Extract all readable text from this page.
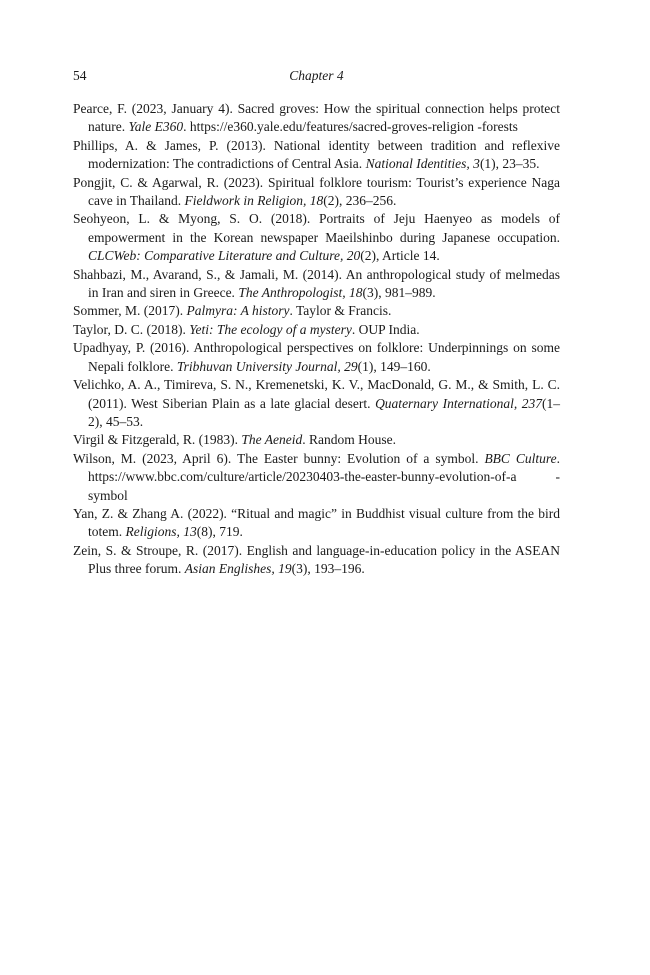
54	Chapter 4

Pearce, F. (2023, January 4). Sacred groves: How the spiritual connection helps protect nature. Yale E360. https://e360.yale.edu/features/sacred-groves-religion -forests

Phillips, A. & James, P. (2013). National identity between tradition and reflexive modernization: The contradictions of Central Asia. National Identities, 3(1), 23–35.

Pongjit, C. & Agarwal, R. (2023). Spiritual folklore tourism: Tourist’s experience Naga cave in Thailand. Fieldwork in Religion, 18(2), 236–256.

Seohyeon, L. & Myong, S. O. (2018). Portraits of Jeju Haenyeo as models of empowerment in the Korean newspaper Maeilshinbo during Japanese occupation. CLCWeb: Comparative Literature and Culture, 20(2), Article 14.

Shahbazi, M., Avarand, S., & Jamali, M. (2014). An anthropological study of melmedas in Iran and siren in Greece. The Anthropologist, 18(3), 981–989.

Sommer, M. (2017). Palmyra: A history. Taylor & Francis.

Taylor, D. C. (2018). Yeti: The ecology of a mystery. OUP India.

Upadhyay, P. (2016). Anthropological perspectives on folklore: Underpinnings on some Nepali folklore. Tribhuvan University Journal, 29(1), 149–160.

Velichko, A. A., Timireva, S. N., Kremenetski, K. V., MacDonald, G. M., & Smith, L. C. (2011). West Siberian Plain as a late glacial desert. Quaternary International, 237(1–2), 45–53.

Virgil & Fitzgerald, R. (1983). The Aeneid. Random House.

Wilson, M. (2023, April 6). The Easter bunny: Evolution of a symbol. BBC Culture. https://www.bbc.com/culture/article/20230403-the-easter-bunny-evolution-of-a -symbol

Yan, Z. & Zhang A. (2022). “Ritual and magic” in Buddhist visual culture from the bird totem. Religions, 13(8), 719.

Zein, S. & Stroupe, R. (2017). English and language-in-education policy in the ASEAN Plus three forum. Asian Englishes, 19(3), 193–196.
